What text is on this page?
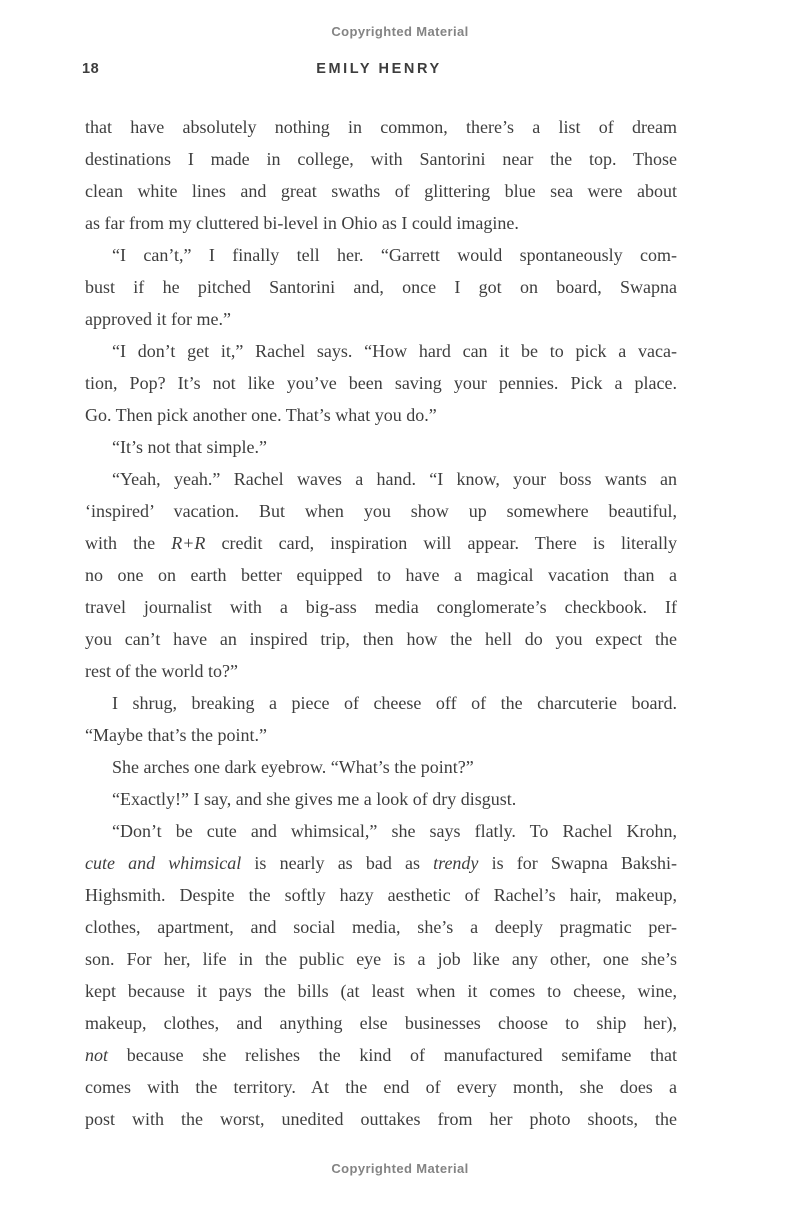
Copyrighted Material
18	EMILY HENRY
that have absolutely nothing in common, there’s a list of dream
destinations I made in college, with Santorini near the top. Those
clean white lines and great swaths of glittering blue sea were about
as far from my cluttered bi-level in Ohio as I could imagine.
“I can’t,” I finally tell her. “Garrett would spontaneously com-
bust if he pitched Santorini and, once I got on board, Swapna
approved it for me.”
“I don’t get it,” Rachel says. “How hard can it be to pick a vaca-
tion, Pop? It’s not like you’ve been saving your pennies. Pick a place.
Go. Then pick another one. That’s what you do.”
“It’s not that simple.”
“Yeah, yeah.” Rachel waves a hand. “I know, your boss wants an
‘inspired’ vacation. But when you show up somewhere beautiful,
with the R+R credit card, inspiration will appear. There is literally
no one on earth better equipped to have a magical vacation than a
travel journalist with a big-ass media conglomerate’s checkbook. If
you can’t have an inspired trip, then how the hell do you expect the
rest of the world to?”
I shrug, breaking a piece of cheese off of the charcuterie board.
“Maybe that’s the point.”
She arches one dark eyebrow. “What’s the point?”
“Exactly!” I say, and she gives me a look of dry disgust.
“Don’t be cute and whimsical,” she says flatly. To Rachel Krohn,
cute and whimsical is nearly as bad as trendy is for Swapna Bakshi-
Highsmith. Despite the softly hazy aesthetic of Rachel’s hair, makeup,
clothes, apartment, and social media, she’s a deeply pragmatic per-
son. For her, life in the public eye is a job like any other, one she’s
kept because it pays the bills (at least when it comes to cheese, wine,
makeup, clothes, and anything else businesses choose to ship her),
not because she relishes the kind of manufactured semifame that
comes with the territory. At the end of every month, she does a
post with the worst, unedited outtakes from her photo shoots, the
Copyrighted Material
